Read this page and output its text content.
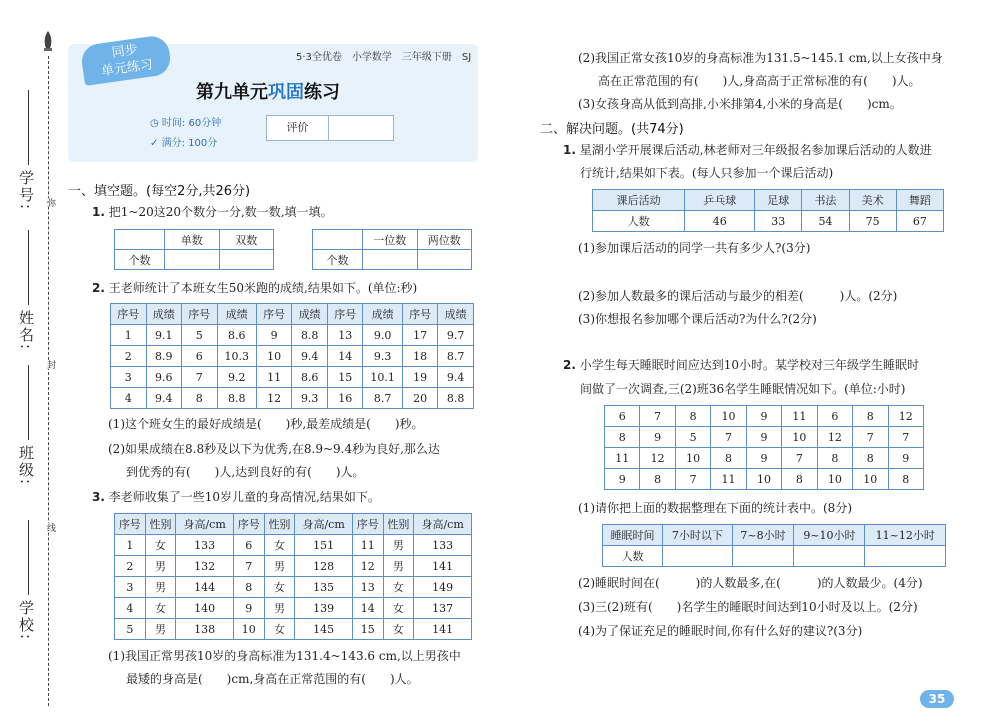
学号:
姓名:
班级:
学校:
弥
封
线
同步
单元练习	5·3全优卷　小学数学　三年级下册　SJ
第九单元巩固练习
◷ 时间: 60分钟
✓ 满分: 100分
评价
一、填空题。(每空2分,共26分)
1. 把1~20这20个数分一分,数一数,填一填。
	单数	双数
个数		
	一位数	两位数
个数		
2. 王老师统计了本班女生50米跑的成绩,结果如下。(单位:秒)
序号	成绩	序号	成绩	序号	成绩	序号	成绩	序号	成绩
1	9.1	5	8.6	9	8.8	13	9.0	17	9.7
2	8.9	6	10.3	10	9.4	14	9.3	18	8.7
3	9.6	7	9.2	11	8.6	15	10.1	19	9.4
4	9.4	8	8.8	12	9.3	16	8.7	20	8.8
(1)这个班女生的最好成绩是(　　)秒,最差成绩是(　　)秒。
(2)如果成绩在8.8秒及以下为优秀,在8.9~9.4秒为良好,那么达
到优秀的有(　　)人,达到良好的有(　　)人。
3. 李老师收集了一些10岁儿童的身高情况,结果如下。
序号	性别	身高/cm	序号	性别	身高/cm	序号	性别	身高/cm
1	女	133	6	女	151	11	男	133
2	男	132	7	男	128	12	男	141
3	男	144	8	女	135	13	女	149
4	女	140	9	男	139	14	女	137
5	男	138	10	女	145	15	女	141
(1)我国正常男孩10岁的身高标准为131.4~143.6 cm,以上男孩中
最矮的身高是(　　)cm,身高在正常范围的有(　　)人。
(2)我国正常女孩10岁的身高标准为131.5~145.1 cm,以上女孩中身
高在正常范围的有(　　)人,身高高于正常标准的有(　　)人。
(3)女孩身高从低到高排,小米排第4,小米的身高是(　　)cm。
二、解决问题。(共74分)
1. 星湖小学开展课后活动,林老师对三年级报名参加课后活动的人数进
行统计,结果如下表。(每人只参加一个课后活动)
课后活动	乒乓球	足球	书法	美术	舞蹈
人数	46	33	54	75	67
(1)参加课后活动的同学一共有多少人?(3分)
(2)参加人数最多的课后活动与最少的相差(　　　)人。(2分)
(3)你想报名参加哪个课后活动?为什么?(2分)
2. 小学生每天睡眠时间应达到10小时。某学校对三年级学生睡眠时
间做了一次调查,三(2)班36名学生睡眠情况如下。(单位:小时)
6	7	8	10	9	11	6	8	12
8	9	5	7	9	10	12	7	7
11	12	10	8	9	7	8	8	9
9	8	7	11	10	8	10	10	8
(1)请你把上面的数据整理在下面的统计表中。(8分)
睡眠时间	7小时以下	7~8小时	9~10小时	11~12小时
人数				
(2)睡眠时间在(　　　)的人数最多,在(　　　)的人数最少。(4分)
(3)三(2)班有(　　)名学生的睡眠时间达到10小时及以上。(2分)
(4)为了保证充足的睡眠时间,你有什么好的建议?(3分)
35
